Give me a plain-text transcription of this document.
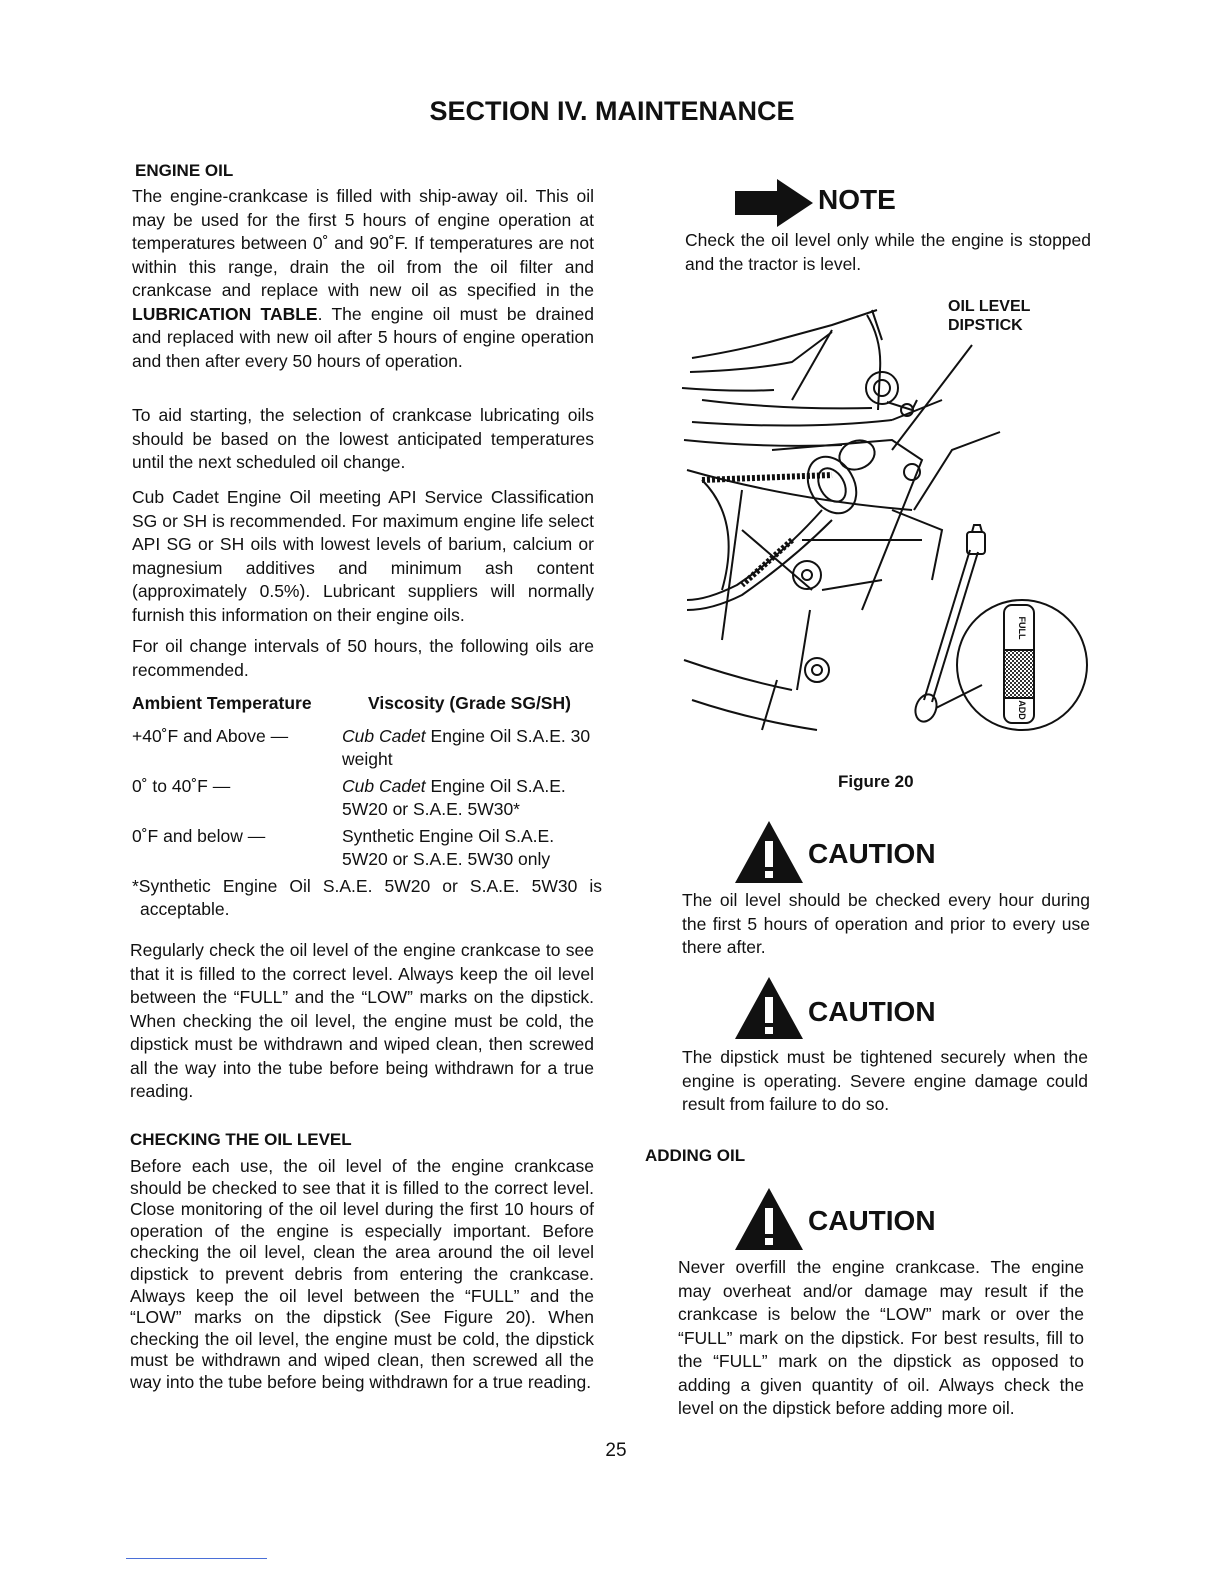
SECTION IV. MAINTENANCE
ENGINE OIL

The engine-crankcase is filled with ship-away oil. This oil may be used for the first 5 hours of engine operation at temperatures between 0˚ and 90˚F. If temperatures are not within this range, drain the oil from the oil filter and crankcase and replace with new oil as specified in the LUBRICATION TABLE. The engine oil must be drained and replaced with new oil after 5 hours of engine operation and then after every 50 hours of operation.

To aid starting, the selection of crankcase lubricating oils should be based on the lowest anticipated temperatures until the next scheduled oil change.

Cub Cadet Engine Oil meeting API Service Classification SG or SH is recommended. For maximum engine life select API SG or SH oils with lowest levels of barium, calcium or magnesium additives and minimum ash content (approximately 0.5%). Lubricant suppliers will normally furnish this information on their engine oils.

For oil change intervals of 50 hours, the following oils are recommended.

Ambient Temperature	Viscosity (Grade SG/SH)
+40˚F and Above —	Cub Cadet Engine Oil S.A.E. 30 weight
0˚ to 40˚F —	Cub Cadet Engine Oil S.A.E. 5W20 or S.A.E. 5W30*
0˚F and below —	Synthetic Engine Oil S.A.E. 5W20 or S.A.E. 5W30 only
*Synthetic Engine Oil S.A.E. 5W20 or S.A.E. 5W30 is acceptable.

Regularly check the oil level of the engine crankcase to see that it is filled to the correct level. Always keep the oil level between the “FULL” and the “LOW” marks on the dipstick. When checking the oil level, the engine must be cold, the dipstick must be withdrawn and wiped clean, then screwed all the way into the tube before being withdrawn for a true reading.

CHECKING THE OIL LEVEL

Before each use, the oil level of the engine crankcase should be checked to see that it is filled to the correct level. Close monitoring of the oil level during the first 10 hours of operation of the engine is especially important. Before checking the oil level, clean the area around the oil level dipstick to prevent debris from entering the crankcase. Always keep the oil level between the “FULL” and the “LOW” marks on the dipstick (See Figure 20). When checking the oil level, the engine must be cold, the dipstick must be withdrawn and wiped clean, then screwed all the way into the tube before being withdrawn for a true reading.

NOTE

Check the oil level only while the engine is stopped and the tractor is level.

OIL LEVEL
DIPSTICK
FULL
ADD
Figure 20
CAUTION

The oil level should be checked every hour during the first 5 hours of operation and prior to every use there after.

CAUTION

The dipstick must be tightened securely when the engine is operating. Severe engine damage could result from failure to do so.

ADDING OIL
CAUTION

Never overfill the engine crankcase. The engine may overheat and/or damage may result if the crankcase is below the “LOW” mark or over the “FULL” mark on the dipstick. For best results, fill to the “FULL” mark on the dipstick as opposed to adding a given quantity of oil. Always check the level on the dipstick before adding more oil.

25
